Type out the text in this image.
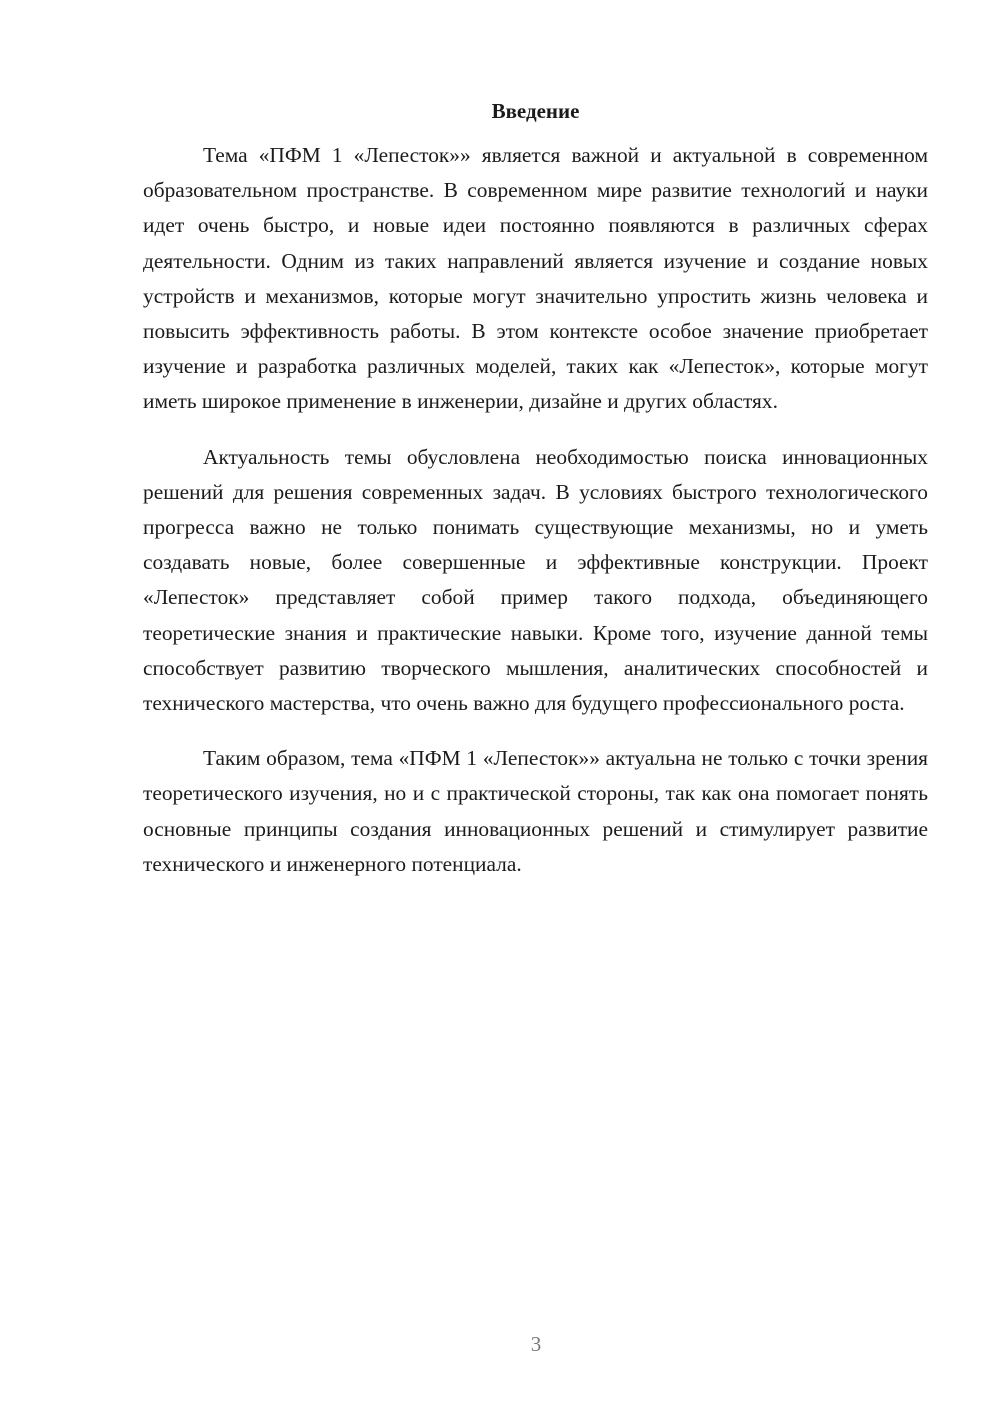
Введение

Тема «ПФМ 1 «Лепесток»» является важной и актуальной в современном образовательном пространстве. В современном мире развитие технологий и науки идет очень быстро, и новые идеи постоянно появляются в различных сферах деятельности. Одним из таких направлений является изучение и создание новых устройств и механизмов, которые могут значительно упростить жизнь человека и повысить эффективность работы. В этом контексте особое значение приобретает изучение и разработка различных моделей, таких как «Лепесток», которые могут иметь широкое применение в инженерии, дизайне и других областях.

Актуальность темы обусловлена необходимостью поиска инновационных решений для решения современных задач. В условиях быстрого технологического прогресса важно не только понимать существующие механизмы, но и уметь создавать новые, более совершенные и эффективные конструкции. Проект «Лепесток» представляет собой пример такого подхода, объединяющего теоретические знания и практические навыки. Кроме того, изучение данной темы способствует развитию творческого мышления, аналитических способностей и технического мастерства, что очень важно для будущего профессионального роста.

Таким образом, тема «ПФМ 1 «Лепесток»» актуальна не только с точки зрения теоретического изучения, но и с практической стороны, так как она помогает понять основные принципы создания инновационных решений и стимулирует развитие технического и инженерного потенциала.

3
